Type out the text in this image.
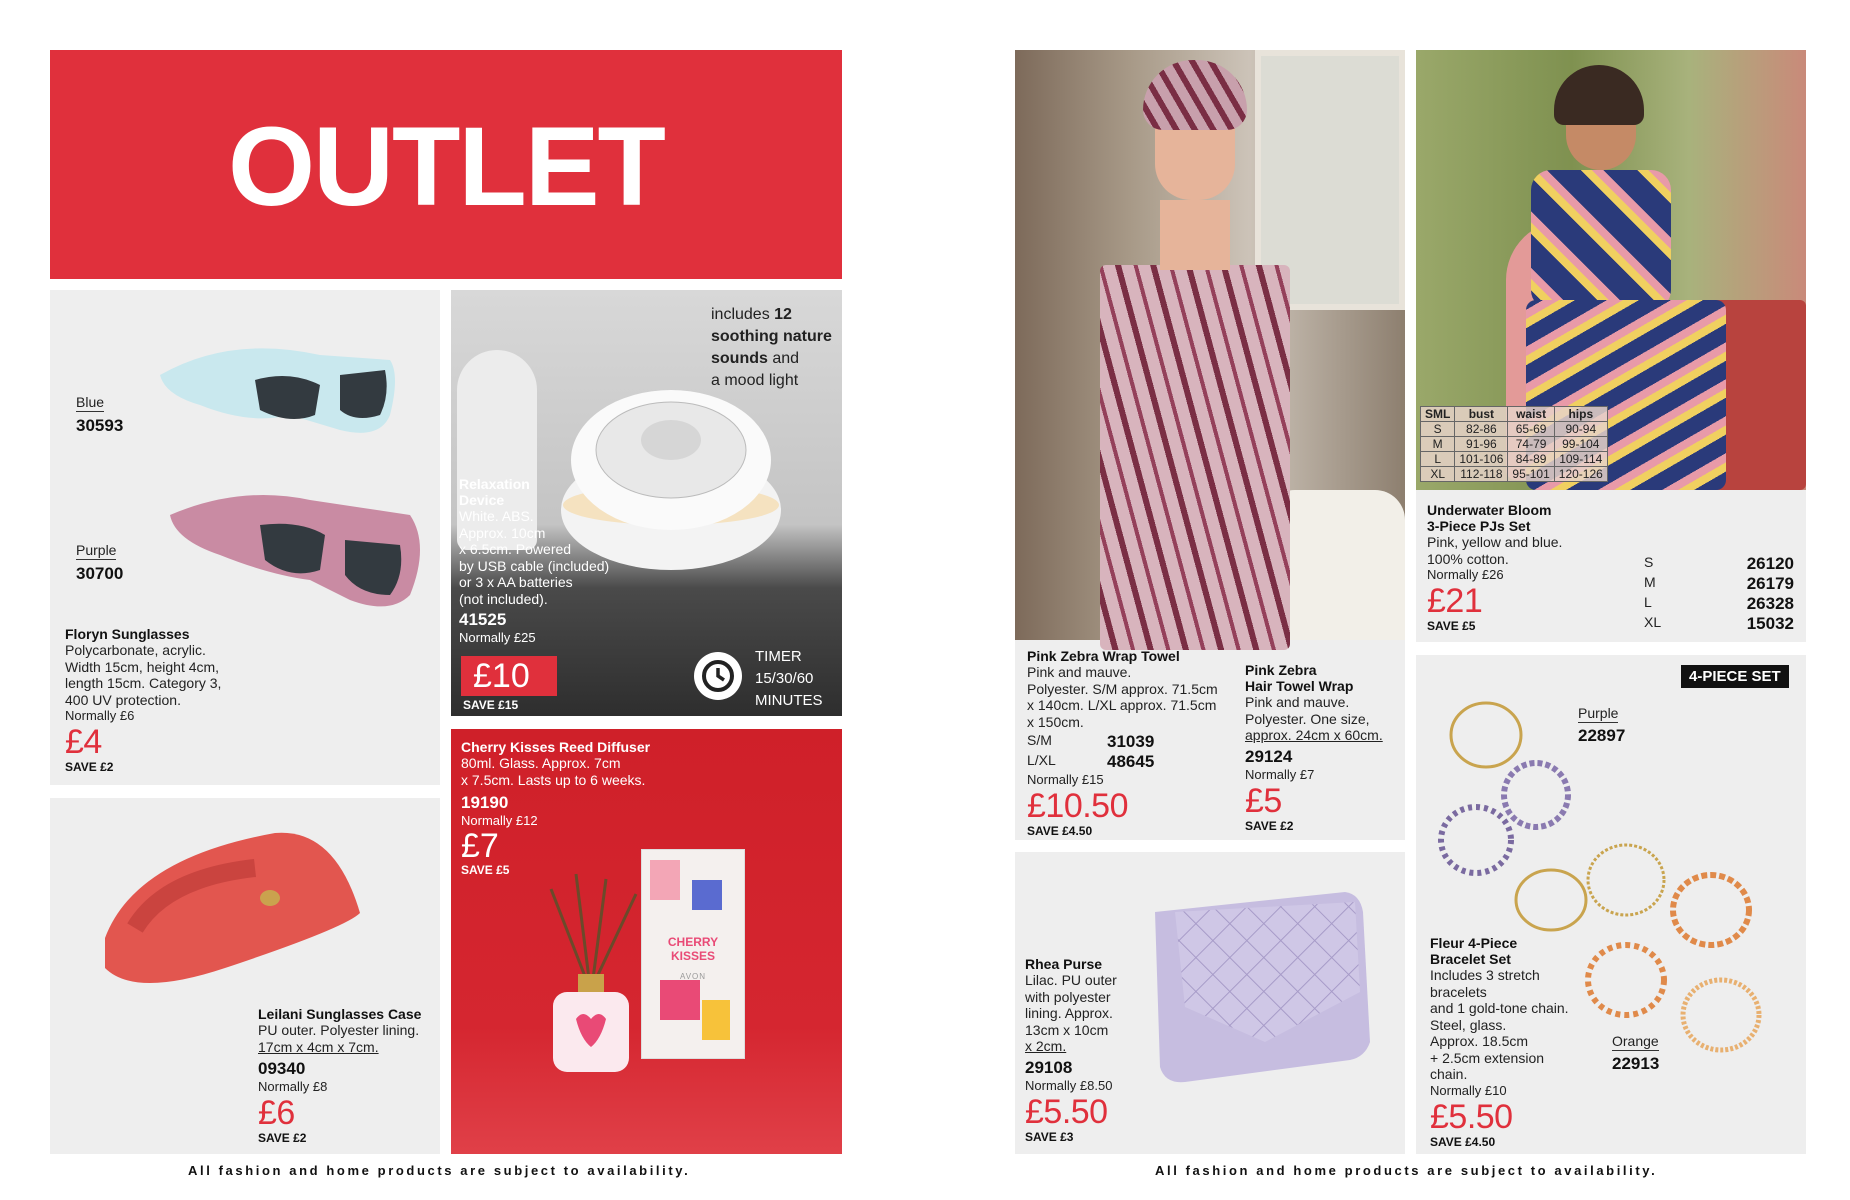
OUTLET
Blue
30593
Purple
30700
Floryn Sunglasses
Polycarbonate, acrylic.
Width 15cm, height 4cm,
length 15cm. Category 3,
400 UV protection.
Normally £6
£4
SAVE £2
includes 12
soothing nature
sounds and
a mood light
Relaxation
Device
White. ABS.
Approx. 10cm
x 6.5cm. Powered
by USB cable (included)
or 3 x AA batteries
(not included).
41525
Normally £25
£10
SAVE £15
TIMER
15/30/60
MINUTES
Leilani Sunglasses Case
PU outer. Polyester lining.
17cm x 4cm x 7cm.
09340
Normally £8
£6
SAVE £2
Cherry Kisses Reed Diffuser
80ml. Glass. Approx. 7cm
x 7.5cm. Lasts up to 6 weeks.
19190
Normally £12
£7
SAVE £5
CHERRY
KISSES
AVON
All fashion and home products are subject to availability.
Pink Zebra Wrap Towel
Pink and mauve.
Polyester. S/M approx. 71.5cm
x 140cm. L/XL approx. 71.5cm
x 150cm.
S/M	31039
L/XL	48645
Normally £15
£10.50
SAVE £4.50
Pink Zebra
Hair Towel Wrap
Pink and mauve.
Polyester. One size,
approx. 24cm x 60cm.
29124
Normally £7
£5
SAVE £2
SML	bust	waist	hips
S	82-86	65-69	90-94
M	91-96	74-79	99-104
L	101-106	84-89	109-114
XL	112-118	95-101	120-126
Underwater Bloom
3-Piece PJs Set
Pink, yellow and blue.
100% cotton.
Normally £26
£21
SAVE £5
S	26120
M	26179
L	26328
XL	15032
Rhea Purse
Lilac. PU outer
with polyester
lining. Approx.
13cm x 10cm
x 2cm.
29108
Normally £8.50
£5.50
SAVE £3
4-PIECE SET
Purple
22897
Orange
22913
Fleur 4-Piece
Bracelet Set
Includes 3 stretch
bracelets
and 1 gold-tone chain.
Steel, glass.
Approx. 18.5cm
+ 2.5cm extension
chain.
Normally £10
£5.50
SAVE £4.50
All fashion and home products are subject to availability.
